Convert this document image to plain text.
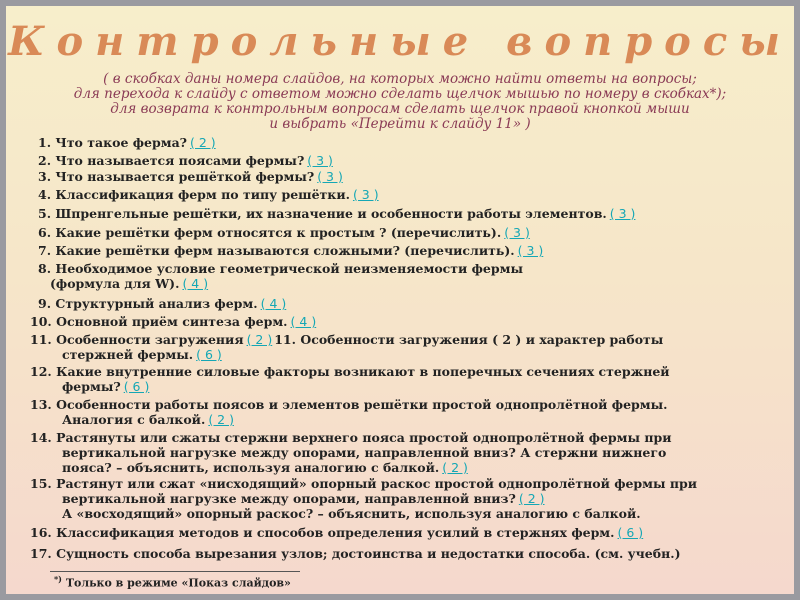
Контрольные вопросы
( в скобках даны номера слайдов, на которых можно найти ответы на вопросы;
для перехода к слайду с ответом можно сделать щелчок мышью по номеру в скобках*);
для возврата к контрольным вопросам сделать щелчок правой кнопкой мыши
и выбрать «Перейти к слайду 11» )
1. Что такое ферма? ( 2 )
2. Что называется поясами фермы? ( 3 )
3. Что называется решёткой фермы? ( 3 )
4. Классификация ферм по типу решётки. ( 3 )
5. Шпренгельные решётки, их назначение и особенности работы элементов. ( 3 )
6. Какие решётки ферм относятся к простым ? (перечислить). ( 3 )
7. Какие решётки ферм называются сложными? (перечислить). ( 3 )
8. Необходимое условие геометрической неизменяемости фермы
(формула для W). ( 4 )
9. Структурный анализ ферм. ( 4 )
10. Основной приём синтеза ферм. ( 4 )
11. Особенности загружения ( 2 ) 11. Особенности загружения ( 2 ) и характер работы
стержней фермы. ( 6 )
12. Какие внутренние силовые факторы возникают в поперечных сечениях стержней
фермы? ( 6 )
13. Особенности работы поясов и элементов решётки простой однопролётной фермы.
Аналогия с балкой. ( 2 )
14. Растянуты или сжаты стержни верхнего пояса простой однопролётной фермы при
вертикальной нагрузке между опорами, направленной вниз? А стержни нижнего
пояса? – объяснить, используя аналогию с балкой. ( 2 )
15. Растянут или сжат «нисходящий» опорный раскос простой однопролётной фермы при
вертикальной нагрузке между опорами, направленной вниз? ( 2 )
А «восходящий» опорный раскос? – объяснить, используя аналогию с балкой.
16. Классификация методов и способов определения усилий в стержнях ферм. ( 6 )
17. Сущность способа вырезания узлов; достоинства и недостатки способа. (см. учебн.)
*) Только в режиме «Показ слайдов»
